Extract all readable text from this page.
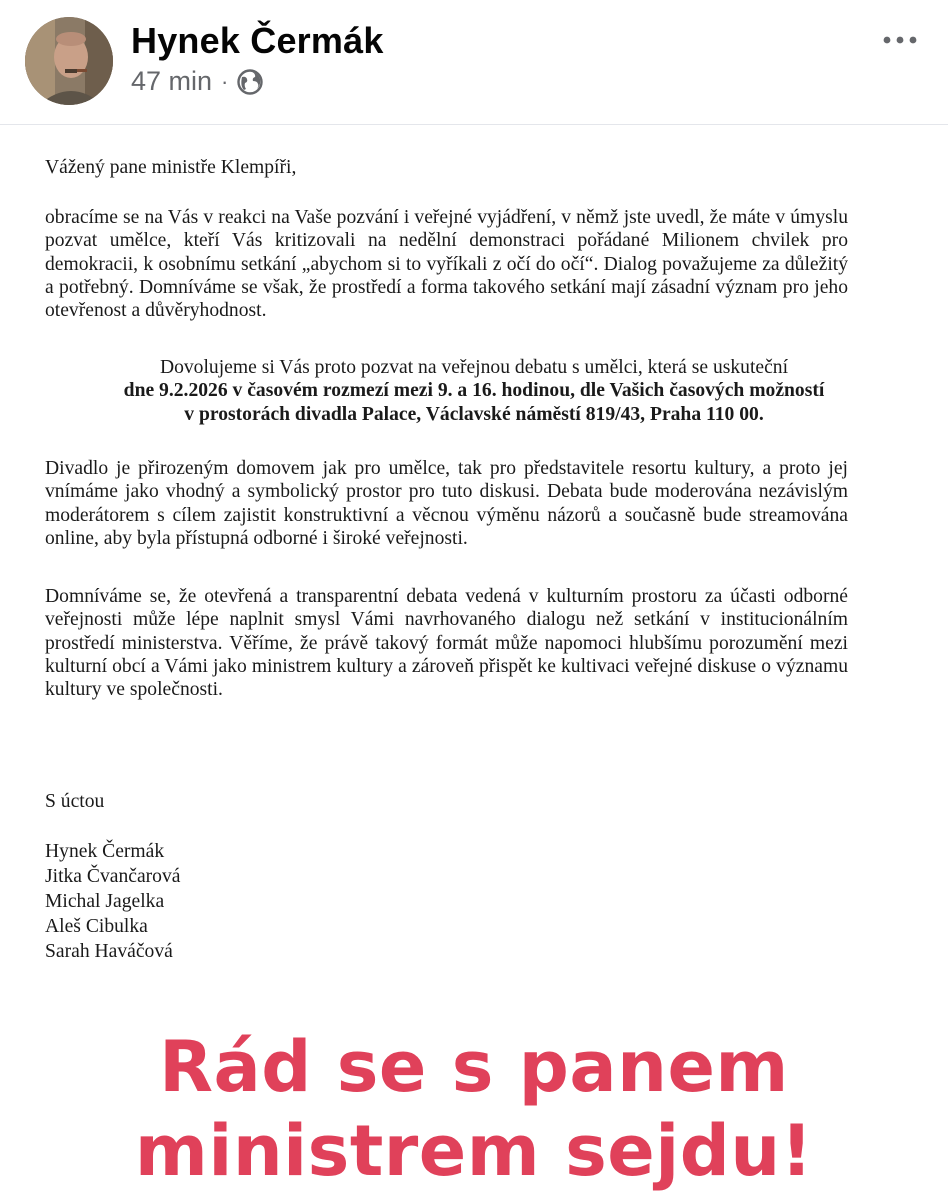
Hynek Čermák
47 min ·
Vážený pane ministře Klempíři,
obracíme se na Vás v reakci na Vaše pozvání i veřejné vyjádření, v němž jste uvedl, že máte v úmyslu pozvat umělce, kteří Vás kritizovali na nedělní demonstraci pořádané Milionem chvilek pro demokracii, k osobnímu setkání „abychom si to vyříkali z očí do očí“. Dialog považujeme za důležitý a potřebný. Domníváme se však, že prostředí a forma takového setkání mají zásadní význam pro jeho otevřenost a důvěryhodnost.
Dovolujeme si Vás proto pozvat na veřejnou debatu s umělci, která se uskuteční
dne 9.2.2026 v časovém rozmezí mezi 9. a 16. hodinou, dle Vašich časových možností
v prostorách divadla Palace, Václavské náměstí 819/43, Praha 110 00.
Divadlo je přirozeným domovem jak pro umělce, tak pro představitele resortu kultury, a proto jej vnímáme jako vhodný a symbolický prostor pro tuto diskusi. Debata bude moderována nezávislým moderátorem s cílem zajistit konstruktivní a věcnou výměnu názorů a současně bude streamována online, aby byla přístupná odborné i široké veřejnosti.
Domníváme se, že otevřená a transparentní debata vedená v kulturním prostoru za účasti odborné veřejnosti může lépe naplnit smysl Vámi navrhovaného dialogu než setkání v institucionálním prostředí ministerstva. Věříme, že právě takový formát může napomoci hlubšímu porozumění mezi kulturní obcí a Vámi jako ministrem kultury a zároveň přispět ke kultivaci veřejné diskuse o významu kultury ve společnosti.
S úctou
Hynek Čermák
Jitka Čvančarová
Michal Jagelka
Aleš Cibulka
Sarah Haváčová
Rád se s panem
ministrem sejdu!
